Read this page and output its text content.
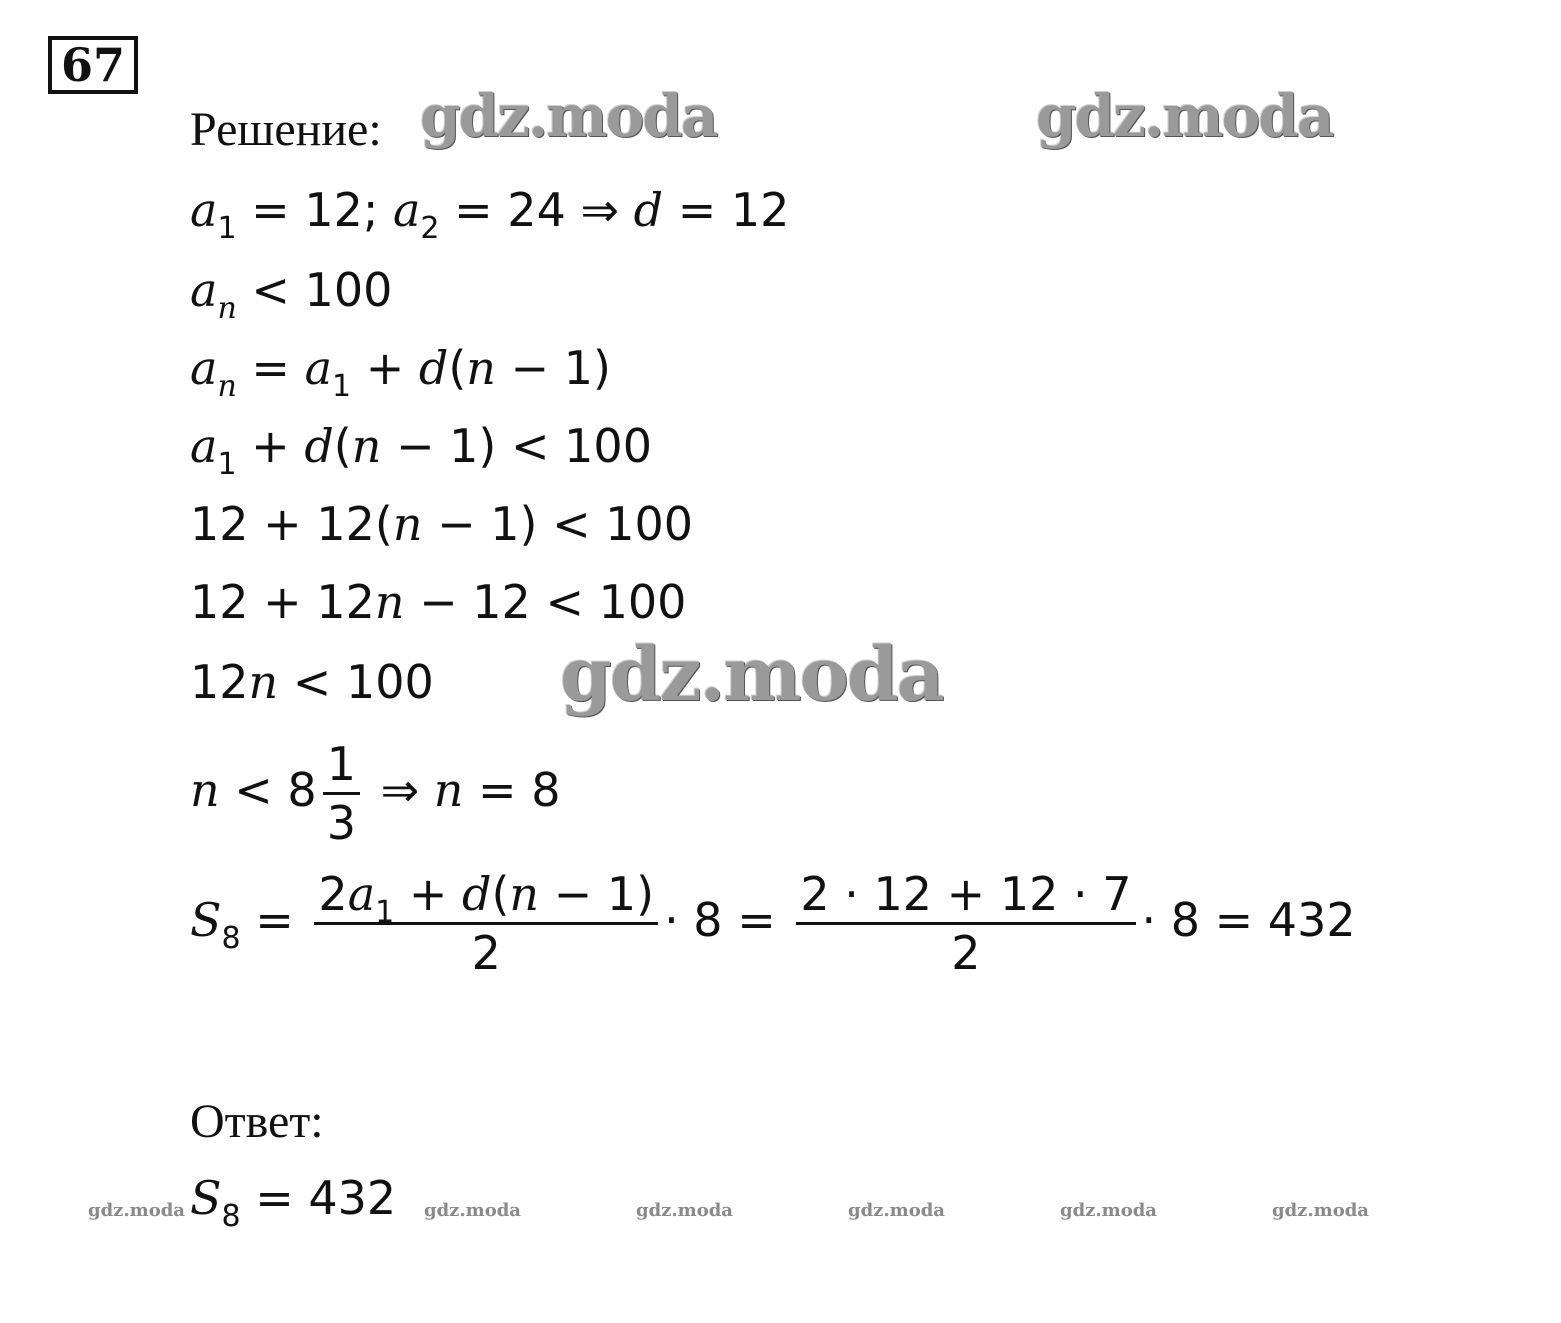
67
gdz.moda	gdz.moda
gdz.moda
gdz.moda	gdz.moda	gdz.moda	gdz.moda	gdz.moda	gdz.moda
Решение:
$a_1 = 12$; $a_2 = 24$ ⇒ d = 12
$a_n < 100$
$a_n = a_1 + d(n - 1)$
$a_1 + d(n - 1) < 100$
12 + 12(n − 1) < 100
12 + 12n − 12 < 100
12n < 100
$n < 8 \frac{1}{3}$ ⇒ n = 8
$S_8 = \frac{2a_1 + d(n - 1)}{2} \cdot 8 = \frac{2 \cdot 12 + 12 \cdot 7}{2} \cdot 8 = 432$
Ответ:
$S_8 = 432$
